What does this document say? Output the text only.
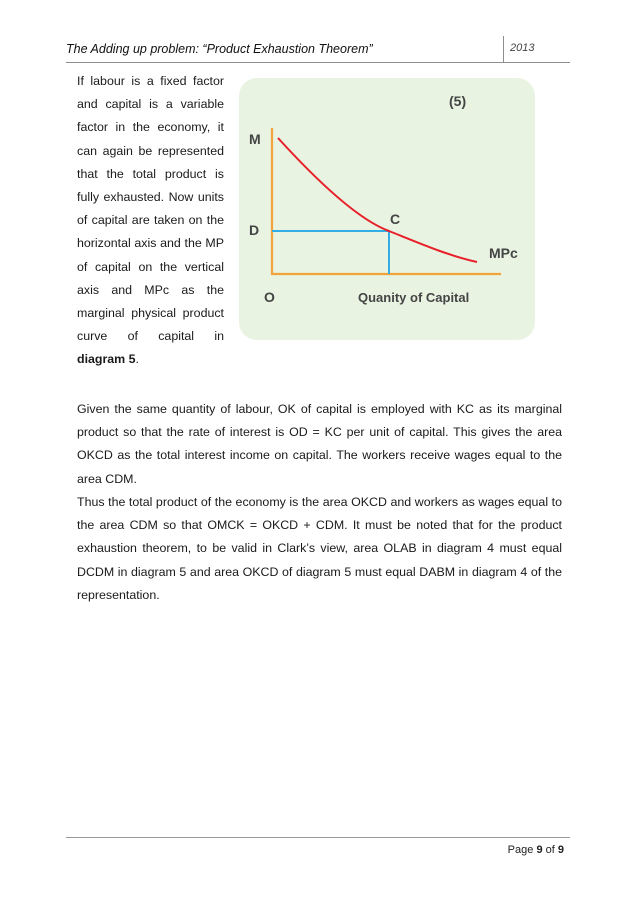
The Adding up problem: “Product Exhaustion Theorem”	2013

If labour is a fixed factor and capital is a variable factor in the economy, it can again be represented that the total product is fully exhausted. Now units of capital are taken on the horizontal axis and the MP of capital on the vertical axis and MPc as the marginal physical product curve of capital in diagram 5.

(5)
M
D
C
MPc
O	Quanity of Capital

Given the same quantity of labour, OK of capital is employed with KC as its marginal product so that the rate of interest is OD = KC per unit of capital. This gives the area OKCD as the total interest income on capital. The workers receive wages equal to the area CDM.

Thus the total product of the economy is the area OKCD and workers as wages equal to the area CDM so that OMCK = OKCD + CDM. It must be noted that for the product exhaustion theorem, to be valid in Clark’s view, area OLAB in diagram 4 must equal DCDM in diagram 5 and area OKCD of diagram 5 must equal DABM in diagram 4 of the representation.

Page 9 of 9
